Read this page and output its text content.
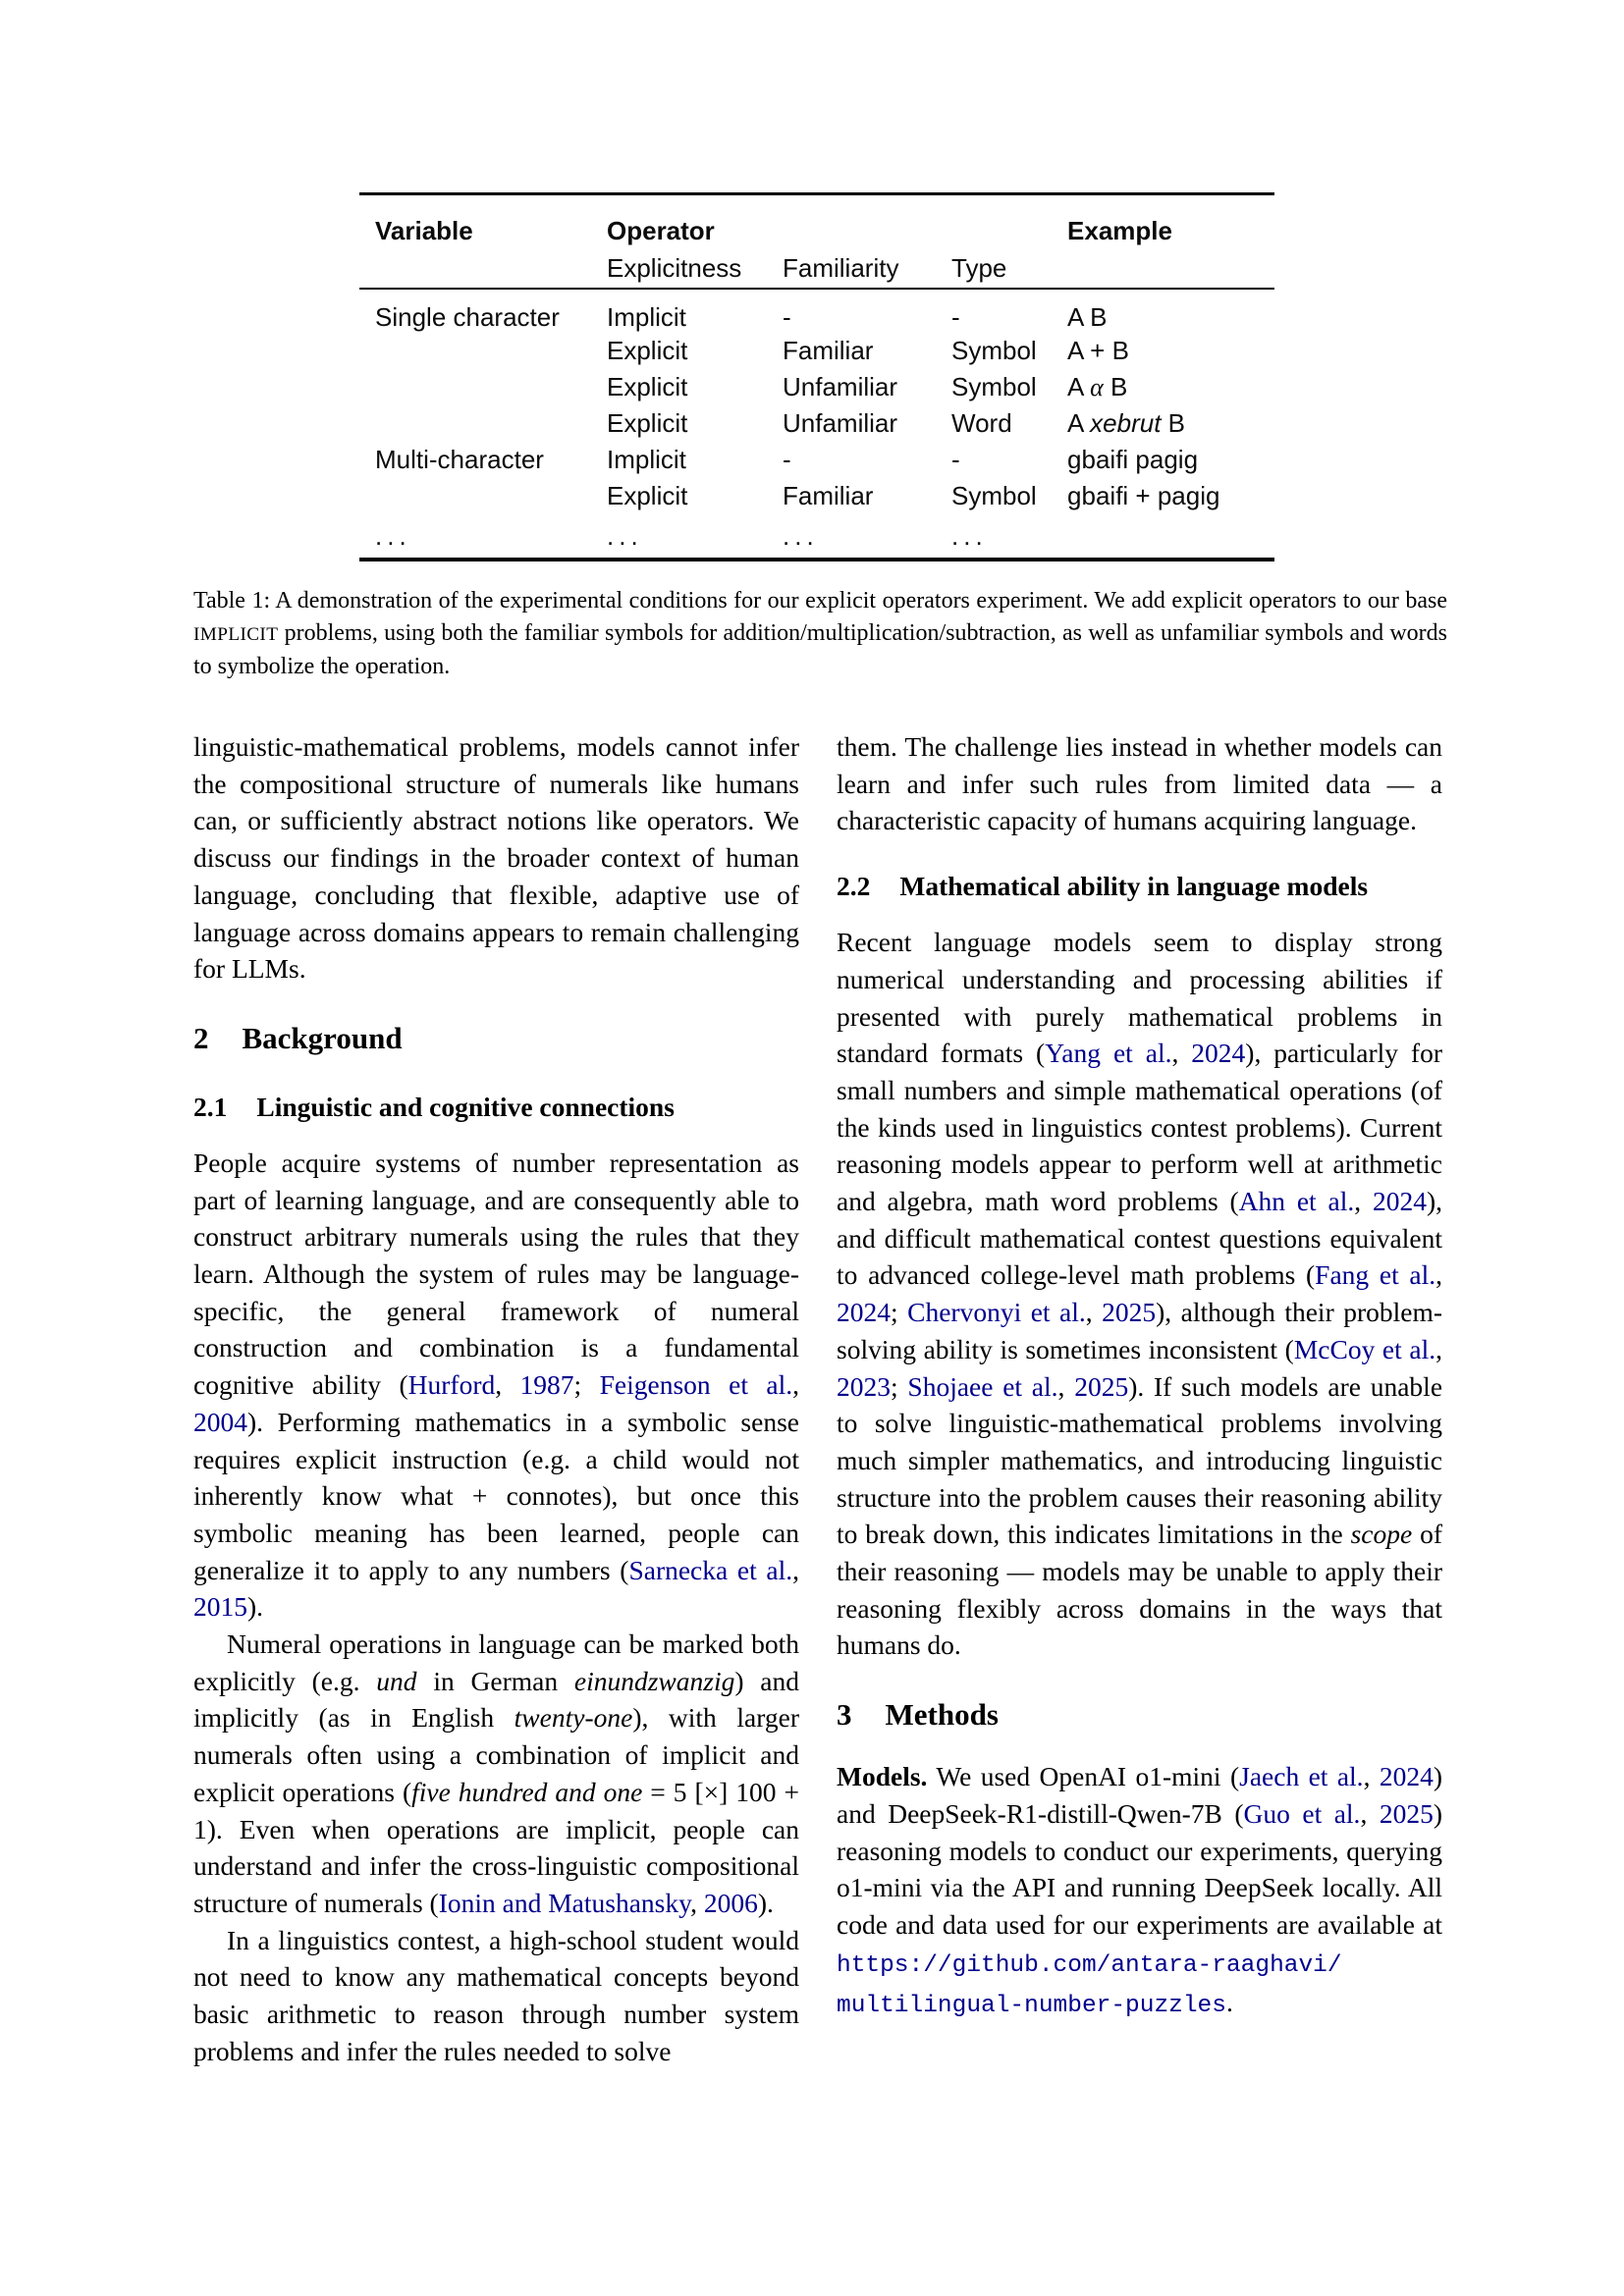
Variable	Operator			Example
	Explicitness	Familiarity	Type	
Single character	Implicit	-	-	A B
	Explicit	Familiar	Symbol	A + B
	Explicit	Unfamiliar	Symbol	A α B
	Explicit	Unfamiliar	Word	A xebrut B
Multi-character	Implicit	-	-	gbaifi pagig
	Explicit	Familiar	Symbol	gbaifi + pagig
...	...	...	...	
Table 1: A demonstration of the experimental conditions for our explicit operators experiment. We add explicit operators to our base IMPLICIT problems, using both the familiar symbols for addition/multiplication/subtraction, as well as unfamiliar symbols and words to symbolize the operation.

linguistic-mathematical problems, models cannot infer the compositional structure of numerals like humans can, or sufficiently abstract notions like operators. We discuss our findings in the broader context of human language, concluding that flexible, adaptive use of language across domains appears to remain challenging for LLMs.

2 Background
2.1 Linguistic and cognitive connections

People acquire systems of number representation as part of learning language, and are consequently able to construct arbitrary numerals using the rules that they learn. Although the system of rules may be language-specific, the general framework of numeral construction and combination is a fundamental cognitive ability (Hurford, 1987; Feigenson et al., 2004). Performing mathematics in a symbolic sense requires explicit instruction (e.g. a child would not inherently know what + connotes), but once this symbolic meaning has been learned, people can generalize it to apply to any numbers (Sarnecka et al., 2015).

Numeral operations in language can be marked both explicitly (e.g. und in German einundzwanzig) and implicitly (as in English twenty-one), with larger numerals often using a combination of implicit and explicit operations (five hundred and one = 5 [×] 100 + 1). Even when operations are implicit, people can understand and infer the cross-linguistic compositional structure of numerals (Ionin and Matushansky, 2006).

In a linguistics contest, a high-school student would not need to know any mathematical concepts beyond basic arithmetic to reason through number system problems and infer the rules needed to solve

them. The challenge lies instead in whether models can learn and infer such rules from limited data — a characteristic capacity of humans acquiring language.

2.2 Mathematical ability in language models

Recent language models seem to display strong numerical understanding and processing abilities if presented with purely mathematical problems in standard formats (Yang et al., 2024), particularly for small numbers and simple mathematical operations (of the kinds used in linguistics contest problems). Current reasoning models appear to perform well at arithmetic and algebra, math word problems (Ahn et al., 2024), and difficult mathematical contest questions equivalent to advanced college-level math problems (Fang et al., 2024; Chervonyi et al., 2025), although their problem-solving ability is sometimes inconsistent (McCoy et al., 2023; Shojaee et al., 2025). If such models are unable to solve linguistic-mathematical problems involving much simpler mathematics, and introducing linguistic structure into the problem causes their reasoning ability to break down, this indicates limitations in the scope of their reasoning — models may be unable to apply their reasoning flexibly across domains in the ways that humans do.

3 Methods

Models. We used OpenAI o1-mini (Jaech et al., 2024) and DeepSeek-R1-distill-Qwen-7B (Guo et al., 2025) reasoning models to conduct our experiments, querying o1-mini via the API and running DeepSeek locally. All code and data used for our experiments are available at https://github.com/antara-raaghavi/multilingual-number-puzzles.
